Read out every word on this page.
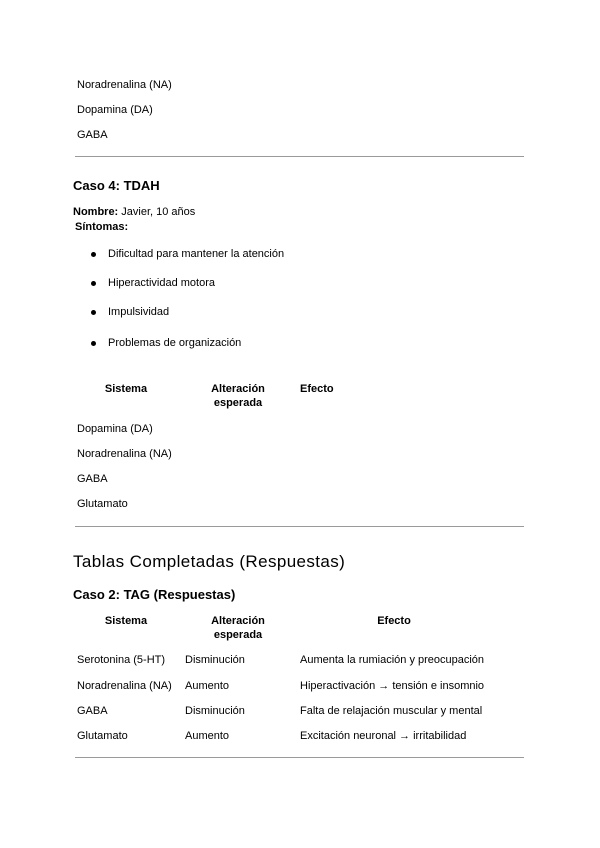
Noradrenalina (NA)
Dopamina (DA)
GABA
Caso 4: TDAH
Nombre: Javier, 10 años
Síntomas:
Dificultad para mantener la atención
Hiperactividad motora
Impulsividad
Problemas de organización
Sistema	Alteración
esperada
Efecto
Dopamina (DA)
Noradrenalina (NA)
GABA
Glutamato
Tablas Completadas (Respuestas)
Caso 2: TAG (Respuestas)
Sistema	Alteración
esperada
Efecto
Serotonina (5-HT) Disminución	Aumenta la rumiación y preocupación
Noradrenalina (NA) Aumento	Hiperactivación → tensión e insomnio
GABA	Disminución	Falta de relajación muscular y mental
Glutamato	Aumento	Excitación neuronal → irritabilidad
